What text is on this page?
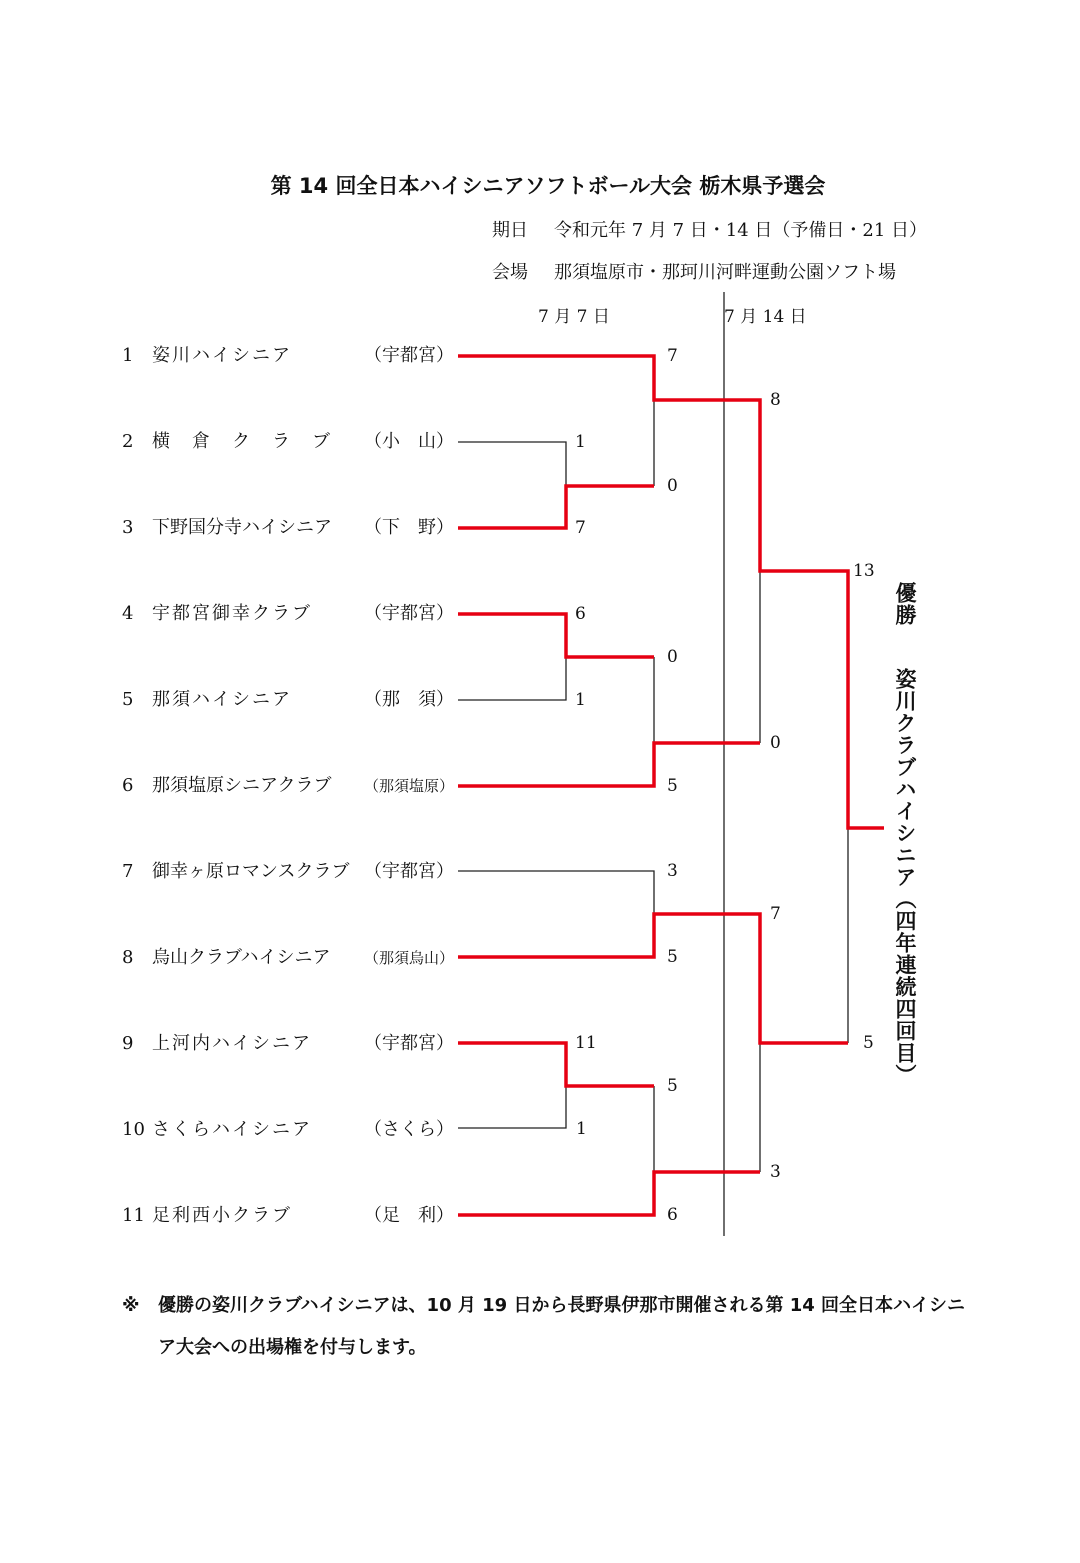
第 14 回全日本ハイシニアソフトボール大会 栃木県予選会
期日 令和元年 7 月 7 日・14 日（予備日・21 日）
会場 那須塩原市・那珂川河畔運動公園ソフト場
7 月 7 日	7 月 14 日
1 姿川ハイシニア	（宇都宮）
2 横　倉　ク　ラ　ブ （小　山）
3 下野国分寺ハイシニア （下　野）
4 宇都宮御幸クラブ	（宇都宮）
5 那須ハイシニア	（那　須）
6 那須塩原シニアクラブ （那須塩原）
7 御幸ヶ原ロマンスクラブ （宇都宮）
8 烏山クラブハイシニア （那須烏山）
9 上河内ハイシニア	（宇都宮）
10 さくらハイシニア	（さくら）
11 足利西小クラブ	（足　利）
1
7
6
1
11
1
7
0
0
5
3
5
5
6
8
0
7
3
13
5
優勝姿川クラブハイシニア（四年連続四回目）
※	優勝の姿川クラブハイシニアは、10 月 19 日から長野県伊那市開催される第 14 回全日本ハイシニア大会への出場権を付与します。
